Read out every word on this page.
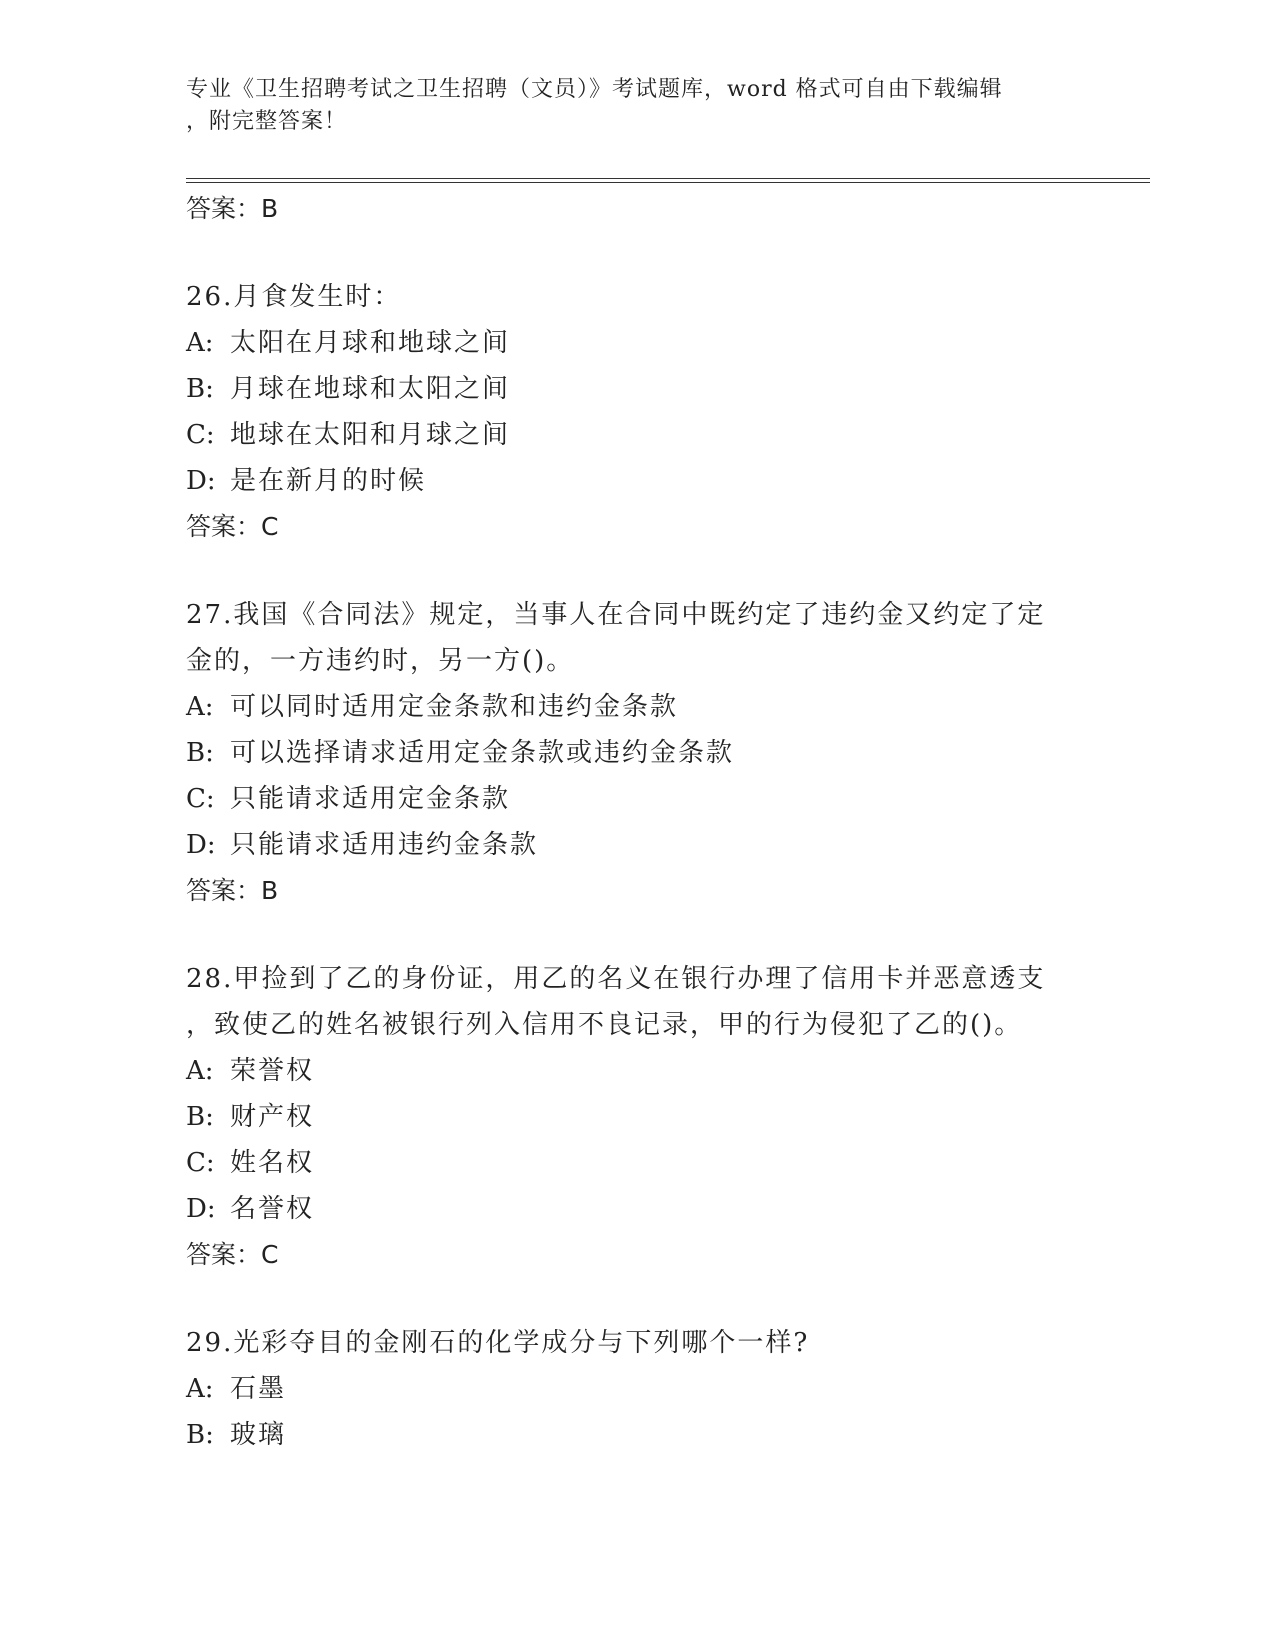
专业《卫生招聘考试之卫生招聘（文员）》考试题库，word 格式可自由下载编辑
，附完整答案！
答案：B
26.月食发生时：
A: 太阳在月球和地球之间
B: 月球在地球和太阳之间
C: 地球在太阳和月球之间
D: 是在新月的时候
答案：C
27.我国《合同法》规定，当事人在合同中既约定了违约金又约定了定
金的，一方违约时，另一方()。
A: 可以同时适用定金条款和违约金条款
B: 可以选择请求适用定金条款或违约金条款
C: 只能请求适用定金条款
D: 只能请求适用违约金条款
答案：B
28.甲捡到了乙的身份证，用乙的名义在银行办理了信用卡并恶意透支
，致使乙的姓名被银行列入信用不良记录，甲的行为侵犯了乙的()。
A: 荣誉权
B: 财产权
C: 姓名权
D: 名誉权
答案：C
29.光彩夺目的金刚石的化学成分与下列哪个一样?
A: 石墨
B: 玻璃
